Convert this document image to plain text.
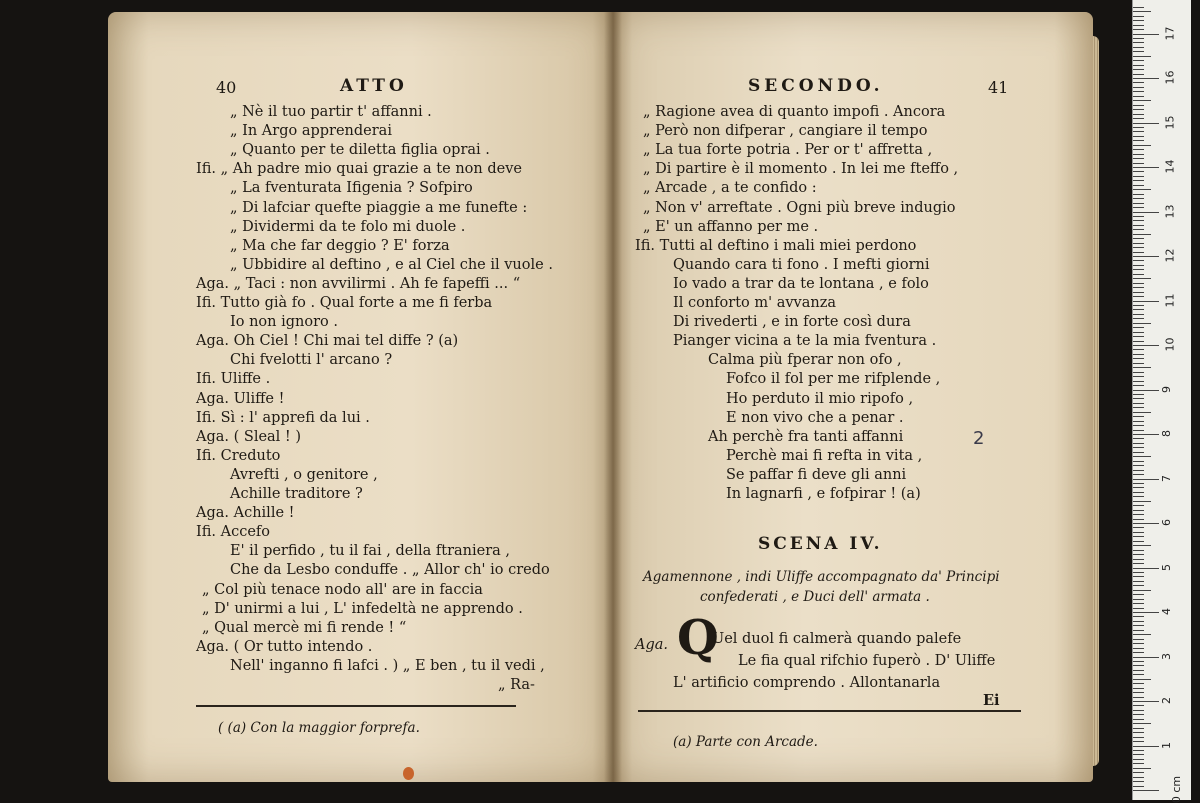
40	ATTO
„ Nè il tuo partir t' affanni .
„ In Argo apprenderai
„ Quanto per te diletta figlia oprai .
Ifi. „ Ah padre mio quai grazie a te non deve
„ La fventurata Ifigenia ? Sofpiro
„ Di lafciar quefte piaggie a me funefte :
„ Dividermi da te folo mi duole .
„ Ma che far deggio ? E' forza
„ Ubbidire al deftino , e al Ciel che il vuole .
Aga. „ Taci : non avvilirmi . Ah fe fapeffi ... “
Ifi. Tutto già fo . Qual forte a me fi ferba
Io non ignoro .
Aga. Oh Ciel ! Chi mai tel diffe ? (a)
Chi fvelotti l' arcano ?
Ifi. Uliffe .
Aga. Uliffe !
Ifi. Sì : l' apprefi da lui .
Aga. ( Sleal ! )
Ifi. Creduto
Avrefti , o genitore ,
Achille traditore ?
Aga. Achille !
Ifi. Accefo
E' il perfido , tu il fai , della ftraniera ,
Che da Lesbo conduffe . „ Allor ch' io credo
„ Col più tenace nodo all' are in faccia
„ D' unirmi a lui , L' infedeltà ne apprendo .
„ Qual mercè mi fi rende ! “
Aga. ( Or tutto intendo .
Nell' inganno fi lafci . ) „ E ben , tu il vedi ,
„ Ra-
( (a) Con la maggior forprefa.
SECONDO.	41
„ Ragione avea di quanto impofi . Ancora
„ Però non difperar , cangiare il tempo
„ La tua forte potria . Per or t' affretta ,
„ Di partire è il momento . In lei me fteffo ,
„ Arcade , a te confido :
„ Non v' arreftate . Ogni più breve indugio
„ E' un affanno per me .
Ifi. Tutti al deftino i mali miei perdono
Quando cara ti fono . I mefti giorni
Io vado a trar da te lontana , e folo
Il conforto m' avvanza
Di rivederti , e in forte così dura
Pianger vicina a te la mia fventura .
Calma più fperar non ofo ,
Fofco il fol per me rifplende ,
Ho perduto il mio ripofo ,
E non vivo che a penar .
Ah perchè fra tanti affanni
Perchè mai fi refta in vita ,
Se paffar fi deve gli anni
In lagnarfi , e fofpirar ! (a)
SCENA IV.
Agamennone , indi Uliffe accompagnato da' Principi
confederati , e Duci dell' armata .
Aga. Q
Uel duol fi calmerà quando palefe
Le fia qual rifchio fuperò . D' Uliffe
L' artificio comprendo . Allontanarla
Ei
2
(a) Parte con Arcade.
0 cm
1
2
3
4
5
6
7
8
9
10
11
12
13
14
15
16
17
